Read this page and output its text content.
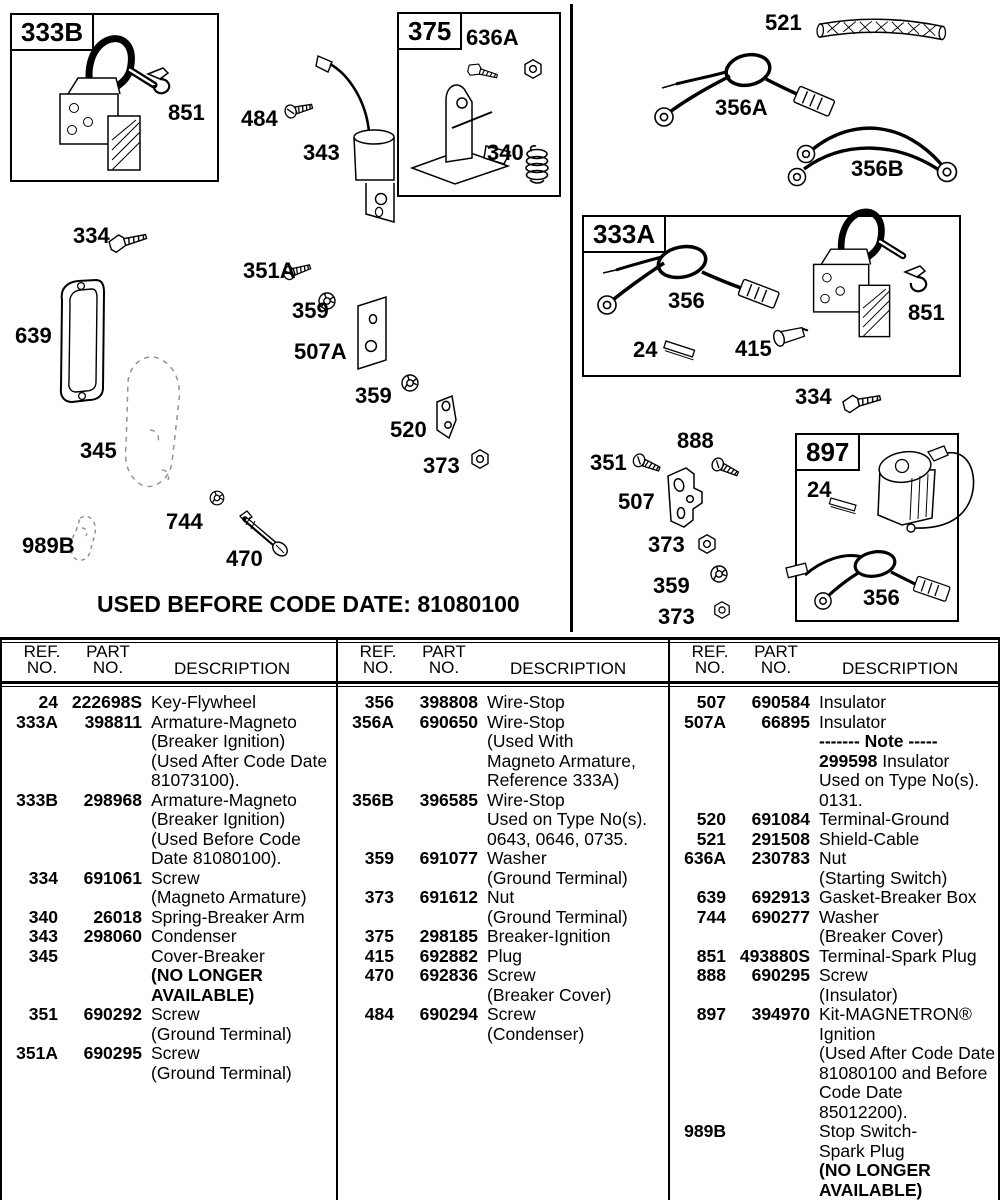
333B	375
333A
897
851 484
343
636A
340
334
351A
359
507A
359
520
373
639
345
744
470
989B
521
356A
356B
356
24	415
851
334
888
351
507
373
359
373
24
356
USED BEFORE CODE DATE: 81080100
REF.
NO.
PART
NO.	DESCRIPTION
24 222698S Key-Flywheel
333A	398811 Armature-Magneto
(Breaker Ignition)
(Used After Code Date
81073100).
333B	298968 Armature-Magneto
(Breaker Ignition)
(Used Before Code
Date 81080100).
334	691061 Screw
(Magneto Armature)
340	26018 Spring-Breaker Arm
343	298060 Condenser
345	Cover-Breaker
(NO LONGER
AVAILABLE)
351	690292 Screw
(Ground Terminal)
351A	690295 Screw
(Ground Terminal)
REF.
NO.
PART
NO.	DESCRIPTION
356	398808 Wire-Stop
356A	690650 Wire-Stop
(Used With
Magneto Armature,
Reference 333A)
356B	396585 Wire-Stop
Used on Type No(s).
0643, 0646, 0735.
359	691077 Washer
(Ground Terminal)
373	691612 Nut
(Ground Terminal)
375	298185 Breaker-Ignition
415	692882 Plug
470	692836 Screw
(Breaker Cover)
484	690294 Screw
(Condenser)
REF.
NO.
PART
NO.	DESCRIPTION
507	690584 Insulator
507A	66895 Insulator
------- Note -----
299598 Insulator
Used on Type No(s).
0131.
520	691084 Terminal-Ground
521	291508 Shield-Cable
636A	230783 Nut
(Starting Switch)
639	692913 Gasket-Breaker Box
744	690277 Washer
(Breaker Cover)
851 493880S Terminal-Spark Plug
888	690295 Screw
(Insulator)
897	394970 Kit-MAGNETRON®
Ignition
(Used After Code Date
81080100 and Before
Code Date 85012200).
989B	Stop Switch-
Spark Plug
(NO LONGER
AVAILABLE)
